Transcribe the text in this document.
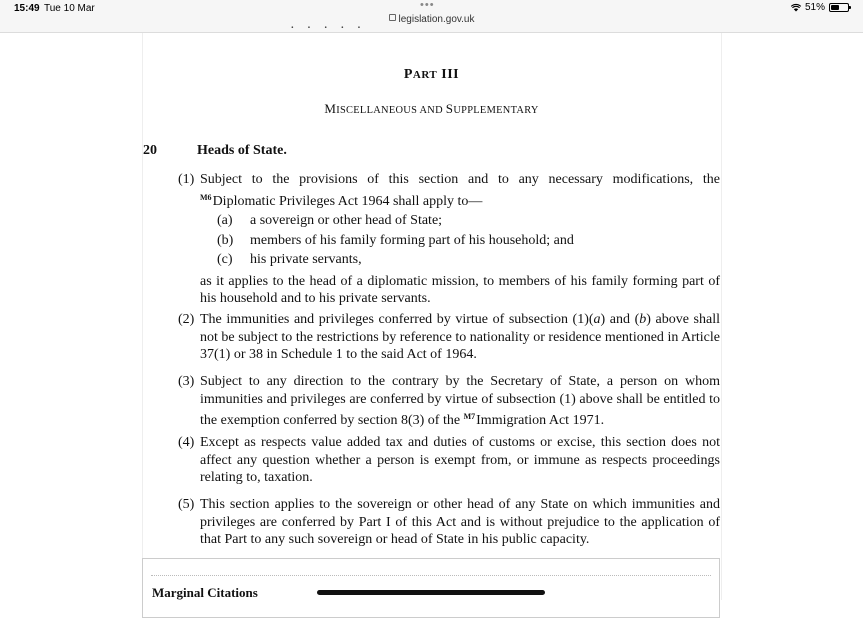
15:49 Tue 10 Mar	•••
legislation.gov.uk
51%
·····
PART III
MISCELLANEOUS AND SUPPLEMENTARY
20	Heads of State.
(1) Subject to the provisions of this section and to any necessary modifications, the $^{M6}$Diplomatic Privileges Act 1964 shall apply to—
(a) a sovereign or other head of State;
(b) members of his family forming part of his household; and
(c) his private servants,
as it applies to the head of a diplomatic mission, to members of his family forming part of his household and to his private servants.
(2) The immunities and privileges conferred by virtue of subsection (1)(a) and (b) above shall not be subject to the restrictions by reference to nationality or residence mentioned in Article 37(1) or 38 in Schedule 1 to the said Act of 1964.
(3) Subject to any direction to the contrary by the Secretary of State, a person on whom immunities and privileges are conferred by virtue of subsection (1) above shall be entitled to the exemption conferred by section 8(3) of the $^{M7}$Immigration Act 1971.
(4) Except as respects value added tax and duties of customs or excise, this section does not affect any question whether a person is exempt from, or immune as respects proceedings relating to, taxation.
(5) This section applies to the sovereign or other head of any State on which immunities and privileges are conferred by Part I of this Act and is without prejudice to the application of that Part to any such sovereign or head of State in his public capacity.
Marginal Citations
